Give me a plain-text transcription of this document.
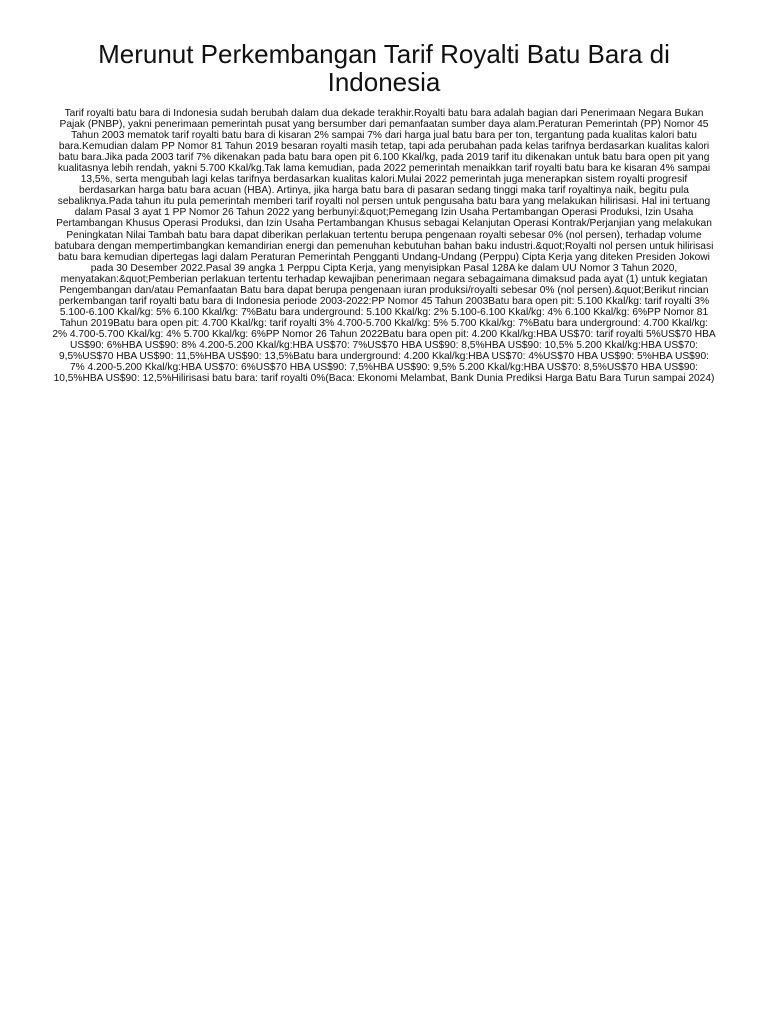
Merunut Perkembangan Tarif Royalti Batu Bara di Indonesia

Tarif royalti batu bara di Indonesia sudah berubah dalam dua dekade terakhir.Royalti batu bara adalah bagian dari Penerimaan Negara Bukan Pajak (PNBP), yakni penerimaan pemerintah pusat yang bersumber dari pemanfaatan sumber daya alam.Peraturan Pemerintah (PP) Nomor 45 Tahun 2003 mematok tarif royalti batu bara di kisaran 2% sampai 7% dari harga jual batu bara per ton, tergantung pada kualitas kalori batu bara.Kemudian dalam PP Nomor 81 Tahun 2019 besaran royalti masih tetap, tapi ada perubahan pada kelas tarifnya berdasarkan kualitas kalori batu bara.Jika pada 2003 tarif 7% dikenakan pada batu bara open pit 6.100 Kkal/kg, pada 2019 tarif itu dikenakan untuk batu bara open pit yang kualitasnya lebih rendah, yakni 5.700 Kkal/kg.Tak lama kemudian, pada 2022 pemerintah menaikkan tarif royalti batu bara ke kisaran 4% sampai 13,5%, serta mengubah lagi kelas tarifnya berdasarkan kualitas kalori.Mulai 2022 pemerintah juga menerapkan sistem royalti progresif berdasarkan harga batu bara acuan (HBA). Artinya, jika harga batu bara di pasaran sedang tinggi maka tarif royaltinya naik, begitu pula sebaliknya.Pada tahun itu pula pemerintah memberi tarif royalti nol persen untuk pengusaha batu bara yang melakukan hilirisasi. Hal ini tertuang dalam Pasal 3 ayat 1 PP Nomor 26 Tahun 2022 yang berbunyi:&quot;Pemegang Izin Usaha Pertambangan Operasi Produksi, Izin Usaha Pertambangan Khusus Operasi Produksi, dan Izin Usaha Pertambangan Khusus sebagai Kelanjutan Operasi Kontrak/Perjanjian yang melakukan Peningkatan Nilai Tambah batu bara dapat diberikan perlakuan tertentu berupa pengenaan royalti sebesar 0% (nol persen), terhadap volume batubara dengan mempertimbangkan kemandirian energi dan pemenuhan kebutuhan bahan baku industri.&quot;Royalti nol persen untuk hilirisasi batu bara kemudian dipertegas lagi dalam Peraturan Pemerintah Pengganti Undang-Undang (Perppu) Cipta Kerja yang diteken Presiden Jokowi pada 30 Desember 2022.Pasal 39 angka 1 Perppu Cipta Kerja, yang menyisipkan Pasal 128A ke dalam UU Nomor 3 Tahun 2020, menyatakan:&quot;Pemberian perlakuan tertentu terhadap kewajiban penerimaan negara sebagaimana dimaksud pada ayat (1) untuk kegiatan Pengembangan dan/atau Pemanfaatan Batu bara dapat berupa pengenaan iuran produksi/royalti sebesar 0% (nol persen).&quot;Berikut rincian perkembangan tarif royalti batu bara di Indonesia periode 2003-2022:PP Nomor 45 Tahun 2003Batu bara open pit: 5.100 Kkal/kg: tarif royalti 3% 5.100-6.100 Kkal/kg: 5% 6.100 Kkal/kg: 7%Batu bara underground: 5.100 Kkal/kg: 2% 5.100-6.100 Kkal/kg: 4% 6.100 Kkal/kg: 6%PP Nomor 81 Tahun 2019Batu bara open pit: 4.700 Kkal/kg: tarif royalti 3% 4.700-5.700 Kkal/kg: 5% 5.700 Kkal/kg: 7%Batu bara underground: 4.700 Kkal/kg: 2% 4.700-5.700 Kkal/kg: 4% 5.700 Kkal/kg: 6%PP Nomor 26 Tahun 2022Batu bara open pit: 4.200 Kkal/kg:HBA US$70: tarif royalti 5%US$70 HBA US$90: 6%HBA US$90: 8% 4.200-5.200 Kkal/kg:HBA US$70: 7%US$70 HBA US$90: 8,5%HBA US$90: 10,5% 5.200 Kkal/kg:HBA US$70: 9,5%US$70 HBA US$90: 11,5%HBA US$90: 13,5%Batu bara underground: 4.200 Kkal/kg:HBA US$70: 4%US$70 HBA US$90: 5%HBA US$90: 7% 4.200-5.200 Kkal/kg:HBA US$70: 6%US$70 HBA US$90: 7,5%HBA US$90: 9,5% 5.200 Kkal/kg:HBA US$70: 8,5%US$70 HBA US$90: 10,5%HBA US$90: 12,5%Hilirisasi batu bara: tarif royalti 0%(Baca: Ekonomi Melambat, Bank Dunia Prediksi Harga Batu Bara Turun sampai 2024)
